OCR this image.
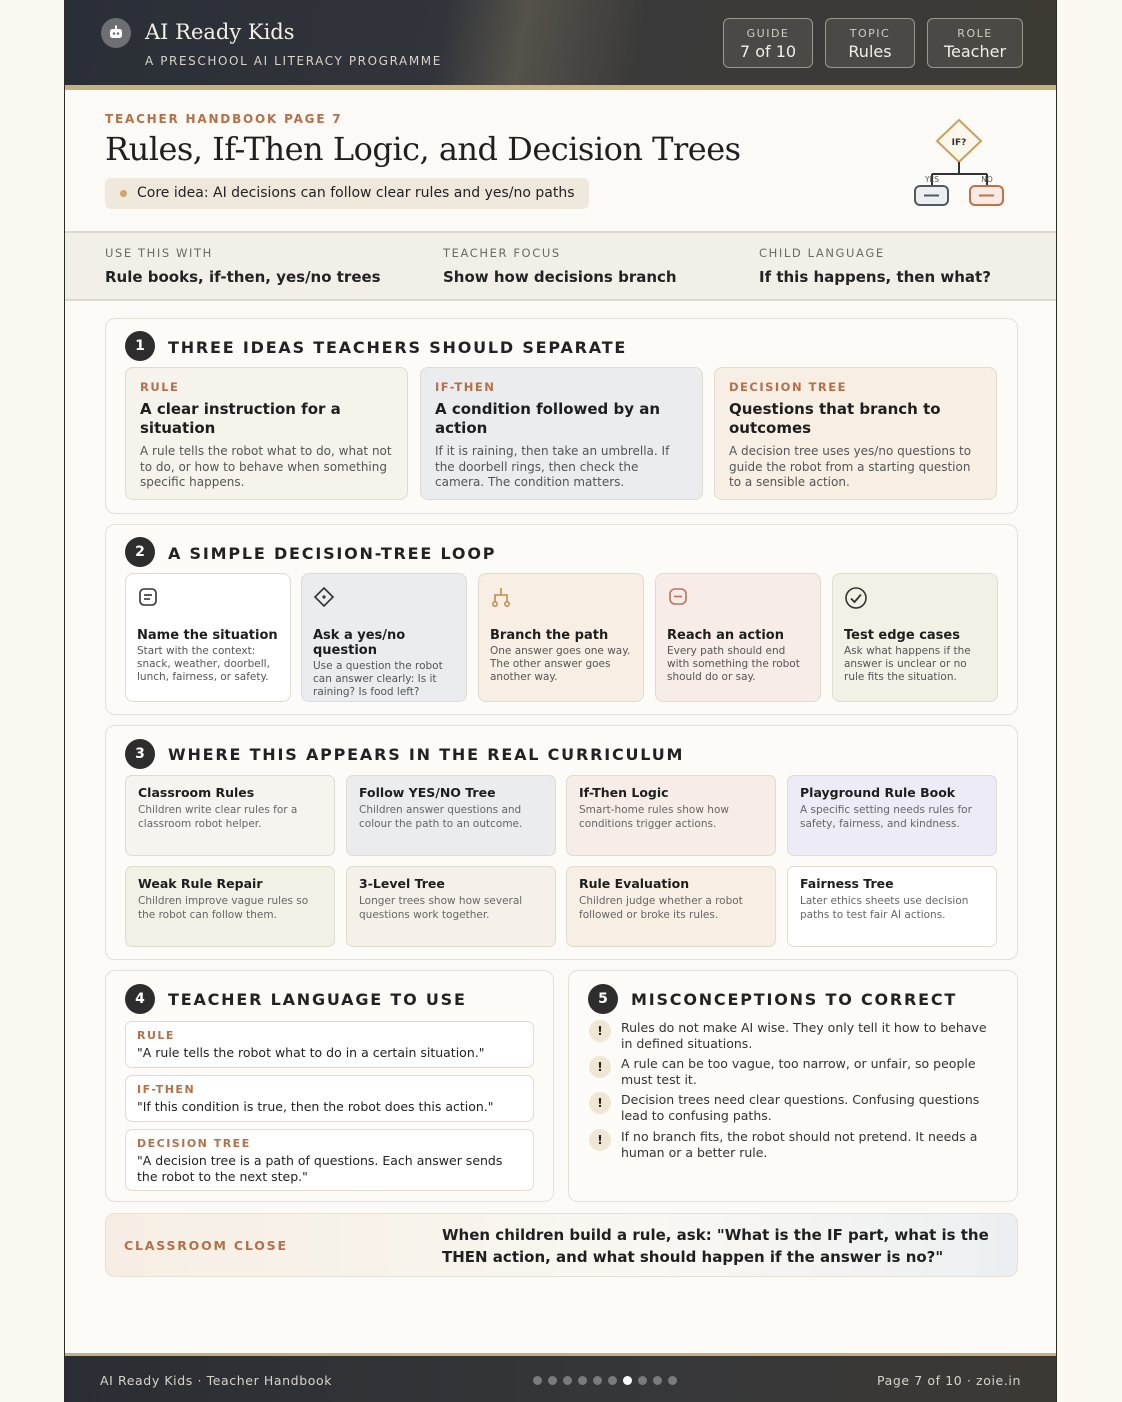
AI Ready Kids
A PRESCHOOL AI LITERACY PROGRAMME
GUIDE
7 of 10
TOPIC
Rules
ROLE
Teacher
TEACHER HANDBOOK PAGE 7
Rules, If-Then Logic, and Decision Trees
Core idea: AI decisions can follow clear rules and yes/no paths
IF?
YES	NO
USE THIS WITH
Rule books, if-then, yes/no trees
TEACHER FOCUS
Show how decisions branch
CHILD LANGUAGE
If this happens, then what?
1	THREE IDEAS TEACHERS SHOULD SEPARATE
RULE
A clear instruction for a situation
A rule tells the robot what to do, what not to do, or how to behave when something specific happens.
IF-THEN
A condition followed by an action
If it is raining, then take an umbrella. If the doorbell rings, then check the camera. The condition matters.
DECISION TREE
Questions that branch to outcomes
A decision tree uses yes/no questions to guide the robot from a starting question to a sensible action.
2	A SIMPLE DECISION-TREE LOOP
Name the situation
Start with the context: snack, weather, doorbell, lunch, fairness, or safety.
Ask a yes/no question
Use a question the robot can answer clearly: Is it raining? Is food left?
Branch the path
One answer goes one way. The other answer goes another way.
Reach an action
Every path should end with something the robot should do or say.
Test edge cases
Ask what happens if the answer is unclear or no rule fits the situation.
3	WHERE THIS APPEARS IN THE REAL CURRICULUM
Classroom Rules
Children write clear rules for a classroom robot helper.
Follow YES/NO Tree
Children answer questions and colour the path to an outcome.
If-Then Logic
Smart-home rules show how conditions trigger actions.
Playground Rule Book
A specific setting needs rules for safety, fairness, and kindness.
Weak Rule Repair
Children improve vague rules so the robot can follow them.
3-Level Tree
Longer trees show how several questions work together.
Rule Evaluation
Children judge whether a robot followed or broke its rules.
Fairness Tree
Later ethics sheets use decision paths to test fair AI actions.
4	TEACHER LANGUAGE TO USE
RULE
"A rule tells the robot what to do in a certain situation."
IF-THEN
"If this condition is true, then the robot does this action."
DECISION TREE
"A decision tree is a path of questions. Each answer sends the robot to the next step."
5	MISCONCEPTIONS TO CORRECT
!	Rules do not make AI wise. They only tell it how to behave in defined situations.
!	A rule can be too vague, too narrow, or unfair, so people must test it.
!	Decision trees need clear questions. Confusing questions lead to confusing paths.
!	If no branch fits, the robot should not pretend. It needs a human or a better rule.
CLASSROOM CLOSE
When children build a rule, ask: "What is the IF part, what is the THEN action, and what should happen if the answer is no?"
AI Ready Kids · Teacher Handbook	Page 7 of 10 · zoie.in
